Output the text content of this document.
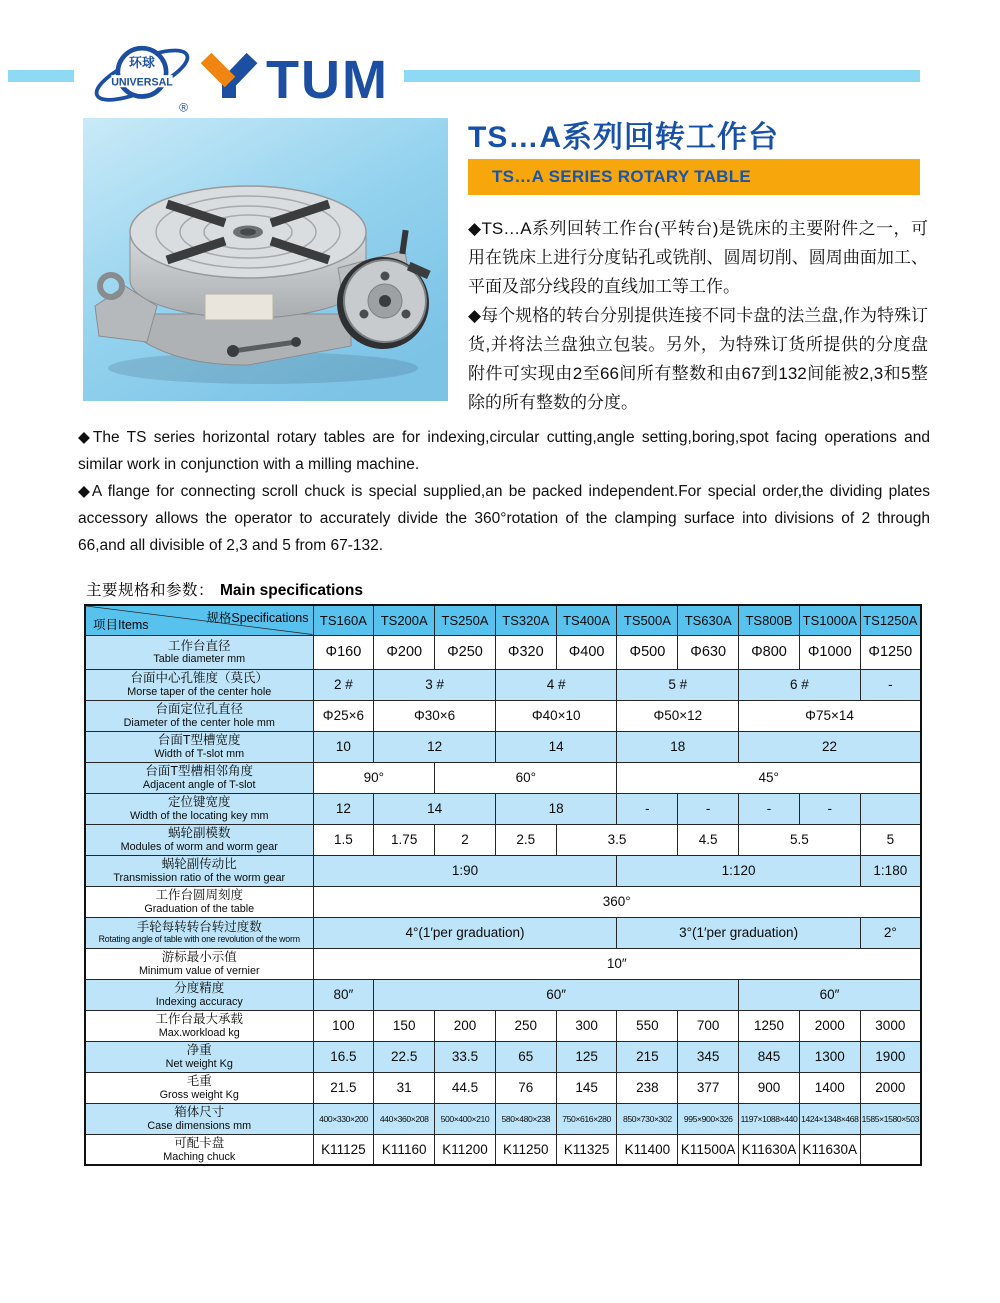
环球
UNIVERSAL
® TUM
TS…A系列回转工作台
TS…A SERIES ROTARY TABLE

◆TS…A系列回转工作台(平转台)是铣床的主要附件之一，可用在铣床上进行分度钻孔或铣削、圆周切削、圆周曲面加工、平面及部分线段的直线加工等工作。

◆每个规格的转台分别提供连接不同卡盘的法兰盘,作为特殊订货,并将法兰盘独立包装。另外，为特殊订货所提供的分度盘附件可实现由2至66间所有整数和由67到132间能被2,3和5整除的所有整数的分度。

◆The TS series horizontal rotary tables are for indexing,circular cutting,angle setting,boring,spot facing operations and similar work in conjunction with a milling machine.

◆A flange for connecting scroll chuck is special supplied,an be packed independent.For special order,the dividing plates accessory allows the operator to accurately divide the 360°rotation of the clamping surface into divisions of 2 through 66,and all divisible of 2,3 and 5 from 67-132.

主要规格和参数： Main specifications
规格Specifications
项目Items	TS160A	TS200A	TS250A	TS320A	TS400A	TS500A	TS630A	TS800B	TS1000A	TS1250A

工作台直径
Table diameter mm	Φ160	Φ200	Φ250	Φ320	Φ400	Φ500	Φ630	Φ800	Φ1000	Φ1250

台面中心孔锥度（莫氏）
Morse taper of the center hole	2 #	3 #		4 #		5 #		6 #		-

台面定位孔直径
Diameter of the center hole mm	Φ25×6	Φ30×6		Φ40×10		Φ50×12		Φ75×14		

台面T型槽宽度
Width of T-slot mm	10	12		14		18		22		

台面T型槽相邻角度
Adjacent angle of T-slot	90°		60°			45°				

定位键宽度
Width of the locating key mm	12	14		18		-	-	-	-	

蜗轮副模数
Modules of worm and worm gear	1.5	1.75	2	2.5	3.5		4.5	5.5		5

蜗轮副传动比
Transmission ratio of the worm gear	1:90					1:120				1:180

工作台圆周刻度
Graduation of the table	360°									

手轮每转转台转过度数
Rotating angle of table with one revolution of the worm	4°(1′per graduation)					3°(1′per graduation)				2°

游标最小示值
Minimum value of vernier	10″									

分度精度
Indexing accuracy	80″	60″						60″		

工作台最大承载
Max.workload kg	100	150	200	250	300	550	700	1250	2000	3000

净重
Net weight Kg	16.5	22.5	33.5	65	125	215	345	845	1300	1900

毛重
Gross weight Kg	21.5	31	44.5	76	145	238	377	900	1400	2000

箱体尺寸
Case dimensions mm	400×330×200	440×360×208	500×400×210	580×480×238	750×616×280	850×730×302	995×900×326	1197×1088×440	1424×1348×468	1585×1580×503

可配卡盘
Maching chuck	K11125	K11160	K11200	K11250	K11325	K11400	K11500A	K11630A	K11630A	
